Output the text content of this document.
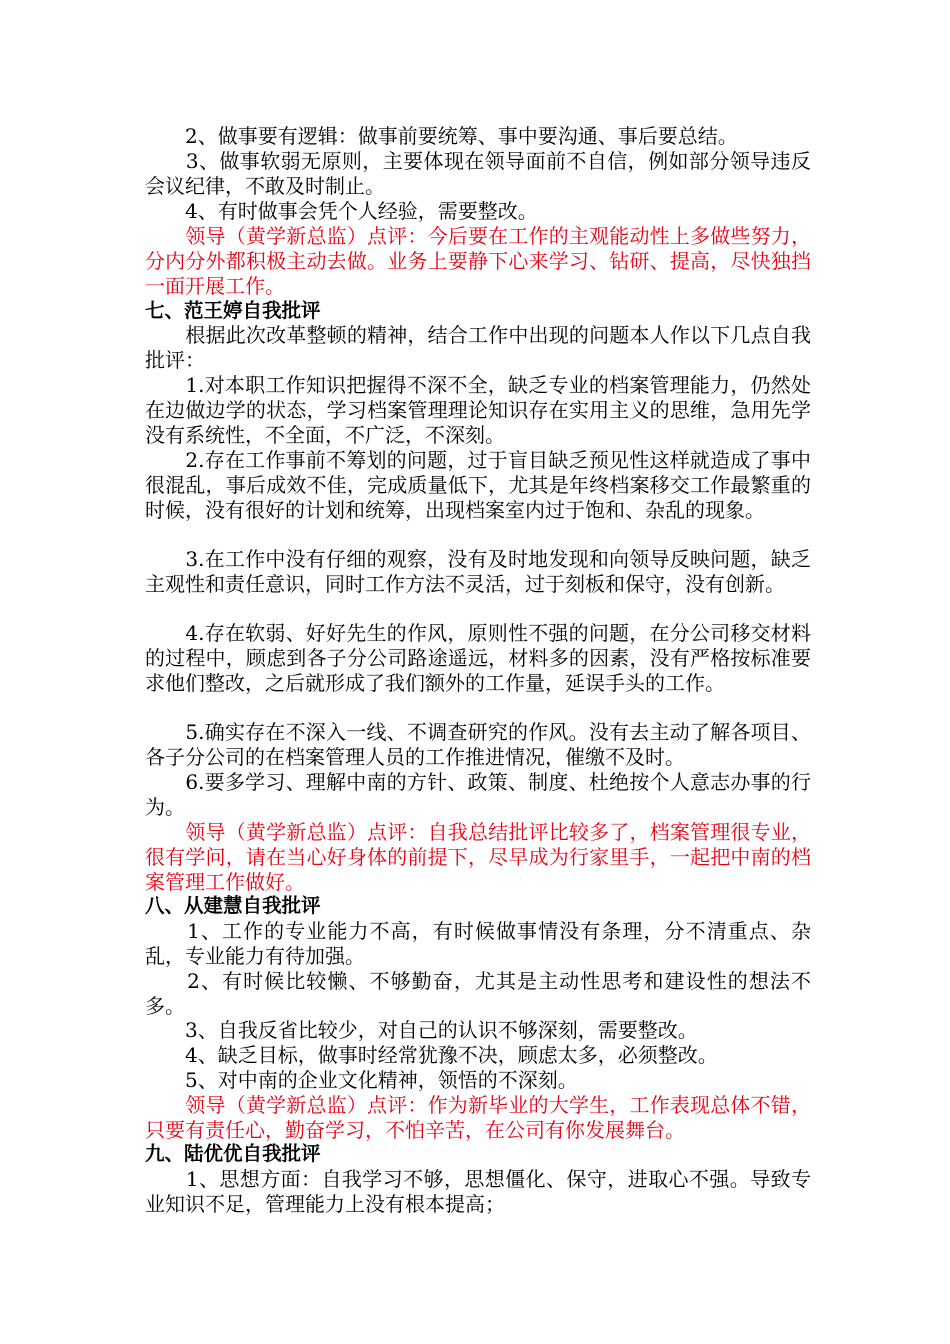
　　2、做事要有逻辑：做事前要统筹、事中要沟通、事后要总结。

　　3、做事软弱无原则，主要体现在领导面前不自信，例如部分领导违反会议纪律，不敢及时制止。

　　4、有时做事会凭个人经验，需要整改。

　　领导（黄学新总监）点评：今后要在工作的主观能动性上多做些努力，分内分外都积极主动去做。业务上要静下心来学习、钻研、提高，尽快独挡一面开展工作。

七、范王婷自我批评

　　根据此次改革整顿的精神，结合工作中出现的问题本人作以下几点自我批评：

　　1.对本职工作知识把握得不深不全，缺乏专业的档案管理能力，仍然处在边做边学的状态，学习档案管理理论知识存在实用主义的思维，急用先学没有系统性，不全面，不广泛，不深刻。

　　2.存在工作事前不筹划的问题，过于盲目缺乏预见性这样就造成了事中很混乱，事后成效不佳，完成质量低下，尤其是年终档案移交工作最繁重的时候，没有很好的计划和统筹，出现档案室内过于饱和、杂乱的现象。

　　3.在工作中没有仔细的观察，没有及时地发现和向领导反映问题，缺乏主观性和责任意识，同时工作方法不灵活，过于刻板和保守，没有创新。

　　4.存在软弱、好好先生的作风，原则性不强的问题，在分公司移交材料的过程中，顾虑到各子分公司路途遥远，材料多的因素，没有严格按标准要求他们整改，之后就形成了我们额外的工作量，延误手头的工作。

　　5.确实存在不深入一线、不调查研究的作风。没有去主动了解各项目、各子分公司的在档案管理人员的工作推进情况，催缴不及时。

　　6.要多学习、理解中南的方针、政策、制度、杜绝按个人意志办事的行为。

　　领导（黄学新总监）点评：自我总结批评比较多了，档案管理很专业，很有学问，请在当心好身体的前提下，尽早成为行家里手，一起把中南的档案管理工作做好。

八、从建慧自我批评

　　1、工作的专业能力不高，有时候做事情没有条理，分不清重点、杂乱，专业能力有待加强。

　　2、有时候比较懒、不够勤奋，尤其是主动性思考和建设性的想法不多。

　　3、自我反省比较少，对自己的认识不够深刻，需要整改。

　　4、缺乏目标，做事时经常犹豫不决，顾虑太多，必须整改。

　　5、对中南的企业文化精神，领悟的不深刻。

　　领导（黄学新总监）点评：作为新毕业的大学生，工作表现总体不错，只要有责任心，勤奋学习，不怕辛苦，在公司有你发展舞台。

九、陆优优自我批评

　　1、思想方面：自我学习不够，思想僵化、保守，进取心不强。导致专业知识不足，管理能力上没有根本提高；
